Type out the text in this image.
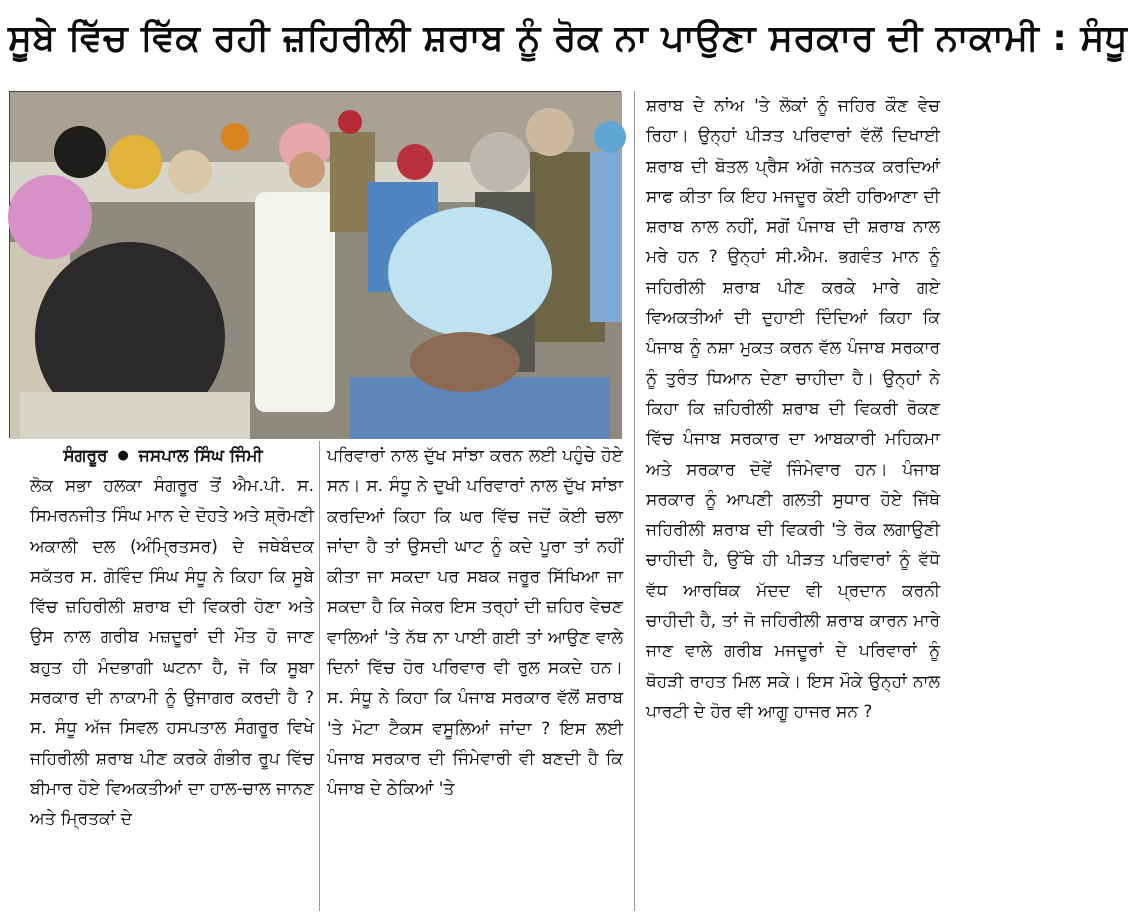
ਸੂਬੇ ਵਿੱਚ ਵਿੱਕ ਰਹੀ ਜ਼ਹਿਰੀਲੀ ਸ਼ਰਾਬ ਨੂੰ ਰੋਕ ਨਾ ਪਾਉਣਾ ਸਰਕਾਰ ਦੀ ਨਾਕਾਮੀ : ਸੰਧੂ
ਸੰਗਰੂਰ ● ਜਸਪਾਲ ਸਿੰਘ ਜਿੰਮੀ

ਲੋਕ ਸਭਾ ਹਲਕਾ ਸੰਗਰੂਰ ਤੋਂ ਐਮ.ਪੀ. ਸ. ਸਿਮਰਨਜੀਤ ਸਿੰਘ ਮਾਨ ਦੇ ਦੋਹਤੇ ਅਤੇ ਸ਼੍ਰੋਮਣੀ ਅਕਾਲੀ ਦਲ (ਅੰਮ੍ਰਿਤਸਰ) ਦੇ ਜਥੇਬੰਦਕ ਸਕੱਤਰ ਸ. ਗੋਵਿੰਦ ਸਿੰਘ ਸੰਧੂ ਨੇ ਕਿਹਾ ਕਿ ਸੂਬੇ ਵਿੱਚ ਜ਼ਹਿਰੀਲੀ ਸ਼ਰਾਬ ਦੀ ਵਿਕਰੀ ਹੋਣਾ ਅਤੇ ਉਸ ਨਾਲ ਗਰੀਬ ਮਜ਼ਦੂਰਾਂ ਦੀ ਮੌਤ ਹੋ ਜਾਣ ਬਹੁਤ ਹੀ ਮੰਦਭਾਗੀ ਘਟਨਾ ਹੈ, ਜੋ ਕਿ ਸੂਬਾ ਸਰਕਾਰ ਦੀ ਨਾਕਾਮੀ ਨੂੰ ਉਜਾਗਰ ਕਰਦੀ ਹੈ ? ਸ. ਸੰਧੂ ਅੱਜ ਸਿਵਲ ਹਸਪਤਾਲ ਸੰਗਰੂਰ ਵਿਖੇ ਜਹਿਰੀਲੀ ਸ਼ਰਾਬ ਪੀਣ ਕਰਕੇ ਗੰਭੀਰ ਰੂਪ ਵਿੱਚ ਬੀਮਾਰ ਹੋਏ ਵਿਅਕਤੀਆਂ ਦਾ ਹਾਲ-ਚਾਲ ਜਾਨਣ ਅਤੇ ਮ੍ਰਿਤਕਾਂ ਦੇ

ਪਰਿਵਾਰਾਂ ਨਾਲ ਦੁੱਖ ਸਾਂਝਾ ਕਰਨ ਲਈ ਪਹੁੰਚੇ ਹੋਏ ਸਨ। ਸ. ਸੰਧੂ ਨੇ ਦੁਖੀ ਪਰਿਵਾਰਾਂ ਨਾਲ ਦੁੱਖ ਸਾਂਝਾ ਕਰਦਿਆਂ ਕਿਹਾ ਕਿ ਘਰ ਵਿੱਚ ਜਦੋਂ ਕੋਈ ਚਲਾ ਜਾਂਦਾ ਹੈ ਤਾਂ ਉਸਦੀ ਘਾਟ ਨੂੰ ਕਦੇ ਪੂਰਾ ਤਾਂ ਨਹੀਂ ਕੀਤਾ ਜਾ ਸਕਦਾ ਪਰ ਸਬਕ ਜਰੂਰ ਸਿੱਖਿਆ ਜਾ ਸਕਦਾ ਹੈ ਕਿ ਜੇਕਰ ਇਸ ਤਰ੍ਹਾਂ ਦੀ ਜ਼ਹਿਰ ਵੇਚਣ ਵਾਲਿਆਂ 'ਤੇ ਨੱਥ ਨਾ ਪਾਈ ਗਈ ਤਾਂ ਆਉਣ ਵਾਲੇ ਦਿਨਾਂ ਵਿੱਚ ਹੋਰ ਪਰਿਵਾਰ ਵੀ ਰੁਲ ਸਕਦੇ ਹਨ। ਸ. ਸੰਧੂ ਨੇ ਕਿਹਾ ਕਿ ਪੰਜਾਬ ਸਰਕਾਰ ਵੱਲੋਂ ਸ਼ਰਾਬ 'ਤੇ ਮੋਟਾ ਟੈਕਸ ਵਸੂਲਿਆਂ ਜਾਂਦਾ ? ਇਸ ਲਈ ਪੰਜਾਬ ਸਰਕਾਰ ਦੀ ਜਿੰਮੇਵਾਰੀ ਵੀ ਬਣਦੀ ਹੈ ਕਿ ਪੰਜਾਬ ਦੇ ਠੇਕਿਆਂ 'ਤੇ

ਸ਼ਰਾਬ ਦੇ ਨਾਂਅ 'ਤੇ ਲੋਕਾਂ ਨੂੰ ਜਹਿਰ ਕੌਣ ਵੇਚ ਰਿਹਾ। ਉਨ੍ਹਾਂ ਪੀੜਤ ਪਰਿਵਾਰਾਂ ਵੱਲੋਂ ਦਿਖਾਈ ਸ਼ਰਾਬ ਦੀ ਬੋਤਲ ਪ੍ਰੈਸ ਅੱਗੇ ਜਨਤਕ ਕਰਦਿਆਂ ਸਾਫ ਕੀਤਾ ਕਿ ਇਹ ਮਜਦੂਰ ਕੋਈ ਹਰਿਆਣਾ ਦੀ ਸ਼ਰਾਬ ਨਾਲ ਨਹੀਂ, ਸਗੋਂ ਪੰਜਾਬ ਦੀ ਸ਼ਰਾਬ ਨਾਲ ਮਰੇ ਹਨ ? ਉਨ੍ਹਾਂ ਸੀ.ਐਮ. ਭਗਵੰਤ ਮਾਨ ਨੂੰ ਜਹਿਰੀਲੀ ਸ਼ਰਾਬ ਪੀਣ ਕਰਕੇ ਮਾਰੇ ਗਏ ਵਿਅਕਤੀਆਂ ਦੀ ਦੁਹਾਈ ਦਿੰਦਿਆਂ ਕਿਹਾ ਕਿ ਪੰਜਾਬ ਨੂੰ ਨਸ਼ਾ ਮੁਕਤ ਕਰਨ ਵੱਲ ਪੰਜਾਬ ਸਰਕਾਰ ਨੂੰ ਤੁਰੰਤ ਧਿਆਨ ਦੇਣਾ ਚਾਹੀਦਾ ਹੈ। ਉਨ੍ਹਾਂ ਨੇ ਕਿਹਾ ਕਿ ਜ਼ਹਿਰੀਲੀ ਸ਼ਰਾਬ ਦੀ ਵਿਕਰੀ ਰੋਕਣ ਵਿੱਚ ਪੰਜਾਬ ਸਰਕਾਰ ਦਾ ਆਬਕਾਰੀ ਮਹਿਕਮਾ ਅਤੇ ਸਰਕਾਰ ਦੋਵੇਂ ਜਿੰਮੇਵਾਰ ਹਨ। ਪੰਜਾਬ ਸਰਕਾਰ ਨੂੰ ਆਪਣੀ ਗਲਤੀ ਸੁਧਾਰ ਹੋਏ ਜਿੱਥੇ ਜਹਿਰੀਲੀ ਸ਼ਰਾਬ ਦੀ ਵਿਕਰੀ 'ਤੇ ਰੋਕ ਲਗਾਉਣੀ ਚਾਹੀਦੀ ਹੈ, ਉੱਥੇ ਹੀ ਪੀੜਤ ਪਰਿਵਾਰਾਂ ਨੂੰ ਵੱਧੋ ਵੱਧ ਆਰਥਿਕ ਮੱਦਦ ਵੀ ਪ੍ਰਦਾਨ ਕਰਨੀ ਚਾਹੀਦੀ ਹੈ, ਤਾਂ ਜੋ ਜਹਿਰੀਲੀ ਸ਼ਰਾਬ ਕਾਰਨ ਮਾਰੇ ਜਾਣ ਵਾਲੇ ਗਰੀਬ ਮਜਦੂਰਾਂ ਦੇ ਪਰਿਵਾਰਾਂ ਨੂੰ ਥੋਹੜੀ ਰਾਹਤ ਮਿਲ ਸਕੇ। ਇਸ ਮੌਕੇ ਉਨ੍ਹਾਂ ਨਾਲ ਪਾਰਟੀ ਦੇ ਹੋਰ ਵੀ ਆਗੂ ਹਾਜਰ ਸਨ ?
